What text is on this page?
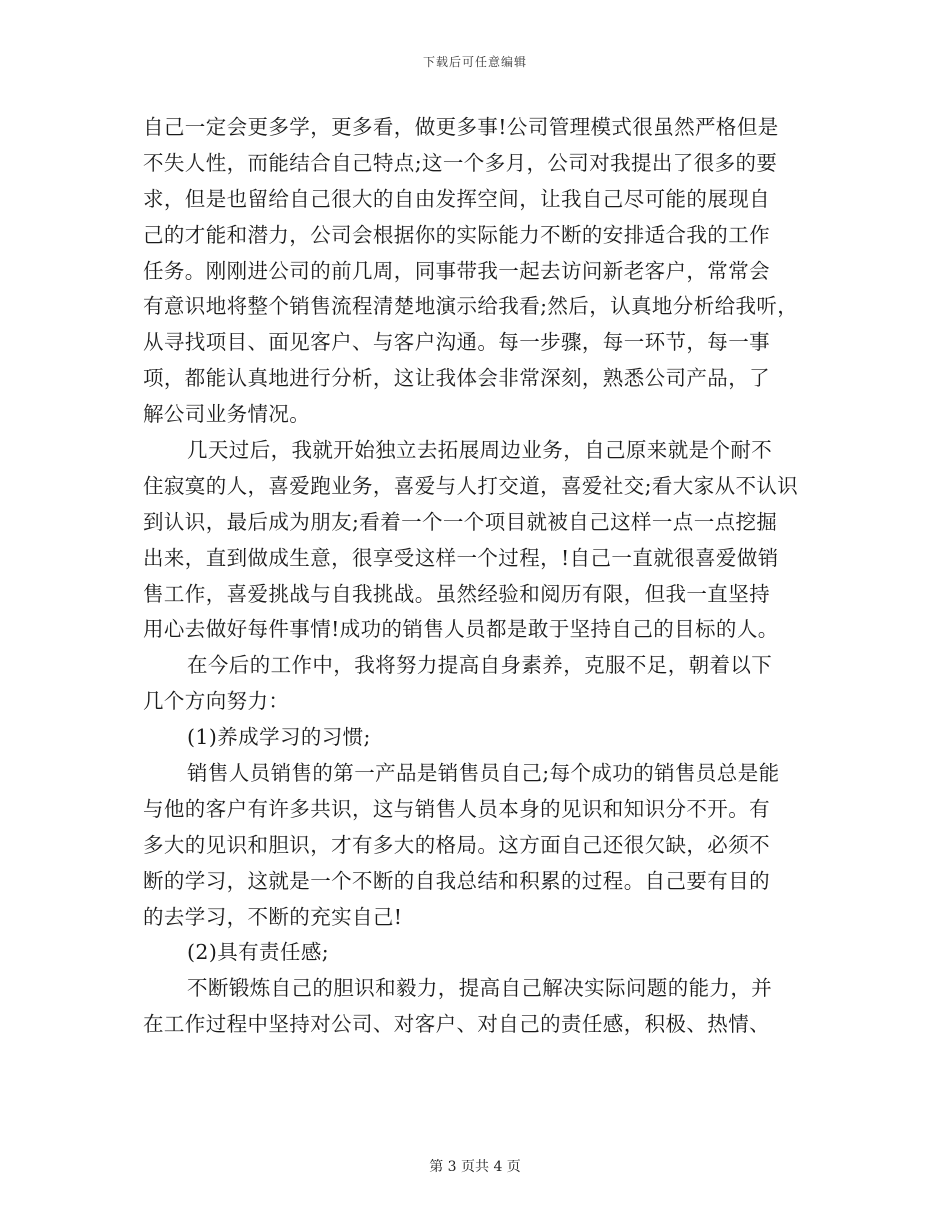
下载后可任意编辑
自己一定会更多学，更多看，做更多事!公司管理模式很虽然严格但是
不失人性，而能结合自己特点;这一个多月，公司对我提出了很多的要
求，但是也留给自己很大的自由发挥空间，让我自己尽可能的展现自
己的才能和潜力，公司会根据你的实际能力不断的安排适合我的工作
任务。刚刚进公司的前几周，同事带我一起去访问新老客户，常常会
有意识地将整个销售流程清楚地演示给我看;然后，认真地分析给我听，
从寻找项目、面见客户、与客户沟通。每一步骤，每一环节，每一事
项，都能认真地进行分析，这让我体会非常深刻，熟悉公司产品，了
解公司业务情况。
几天过后，我就开始独立去拓展周边业务，自己原来就是个耐不
住寂寞的人，喜爱跑业务，喜爱与人打交道，喜爱社交;看大家从不认识
到认识，最后成为朋友;看着一个一个项目就被自己这样一点一点挖掘
出来，直到做成生意，很享受这样一个过程，!自己一直就很喜爱做销
售工作，喜爱挑战与自我挑战。虽然经验和阅历有限，但我一直坚持
用心去做好每件事情!成功的销售人员都是敢于坚持自己的目标的人。
在今后的工作中，我将努力提高自身素养，克服不足，朝着以下
几个方向努力：
(1)养成学习的习惯;
销售人员销售的第一产品是销售员自己;每个成功的销售员总是能
与他的客户有许多共识，这与销售人员本身的见识和知识分不开。有
多大的见识和胆识，才有多大的格局。这方面自己还很欠缺，必须不
断的学习，这就是一个不断的自我总结和积累的过程。自己要有目的
的去学习，不断的充实自己!
(2)具有责任感;
不断锻炼自己的胆识和毅力，提高自己解决实际问题的能力，并
在工作过程中坚持对公司、对客户、对自己的责任感，积极、热情、
第 3 页共 4 页
